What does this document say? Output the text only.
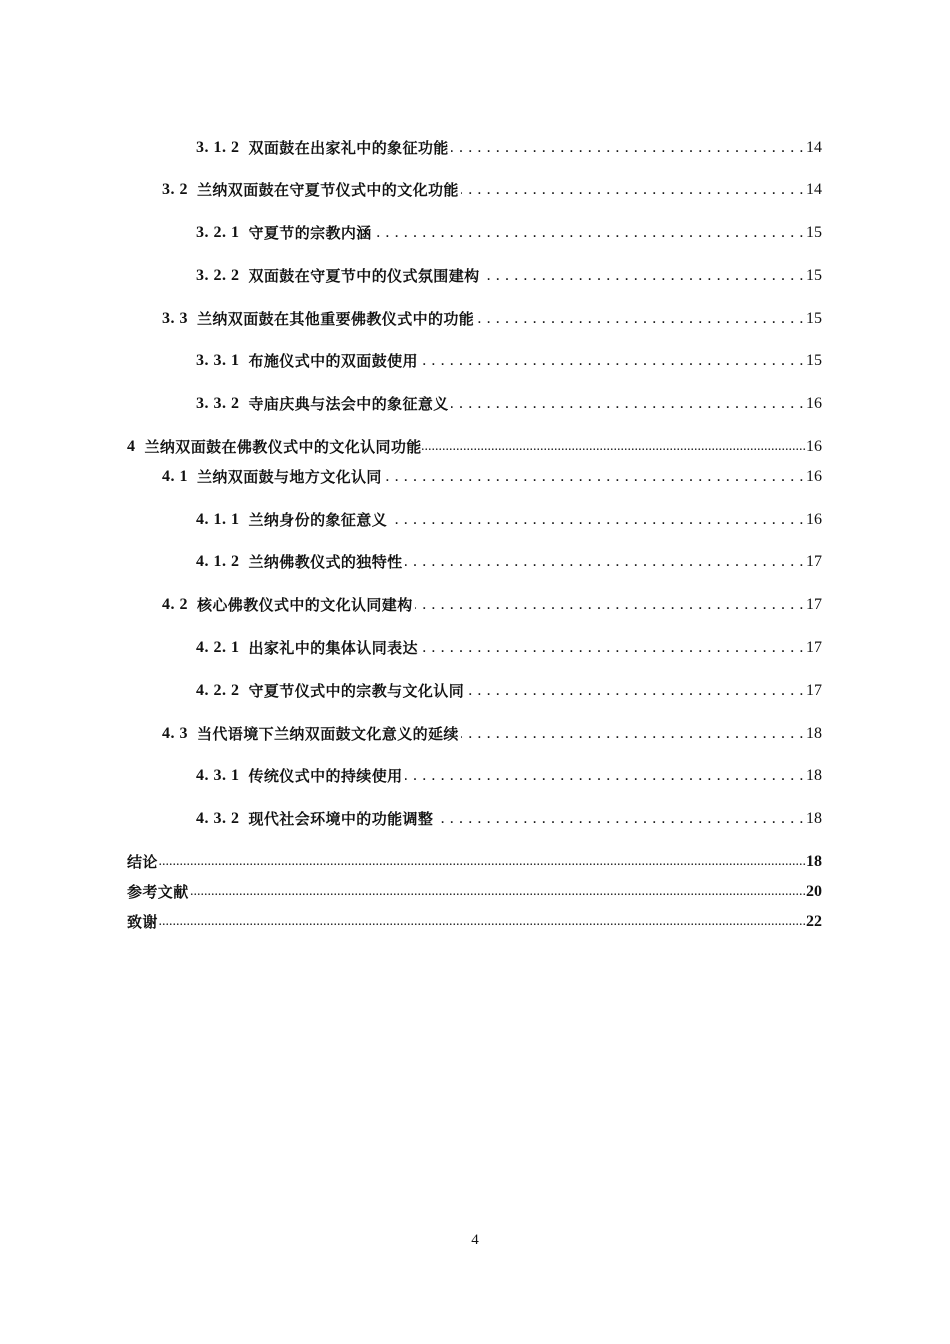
3. 1. 2 双面鼓在出家礼中的象征功能 . . .	14
3. 2 兰纳双面鼓在守夏节仪式中的文化功能 . . .	14
3. 2. 1 守夏节的宗教内涵 . . .	15
3. 2. 2 双面鼓在守夏节中的仪式氛围建构 . . .	15
3. 3 兰纳双面鼓在其他重要佛教仪式中的功能 . . .	15
3. 3. 1 布施仪式中的双面鼓使用 . . .	15
3. 3. 2 寺庙庆典与法会中的象征意义 . . .	16
4 兰纳双面鼓在佛教仪式中的文化认同功能 .....	16
4. 1 兰纳双面鼓与地方文化认同 . . .	16
4. 1. 1 兰纳身份的象征意义 . . .	16
4. 1. 2 兰纳佛教仪式的独特性 . . .	17
4. 2 核心佛教仪式中的文化认同建构 . . .	17
4. 2. 1 出家礼中的集体认同表达 . . .	17
4. 2. 2 守夏节仪式中的宗教与文化认同 . . .	17
4. 3 当代语境下兰纳双面鼓文化意义的延续 . . .	18
4. 3. 1 传统仪式中的持续使用 . . .	18
4. 3. 2 现代社会环境中的功能调整 . . .	18
结论 .....	18
参考文献 .....	20
致谢 .....	22
4
